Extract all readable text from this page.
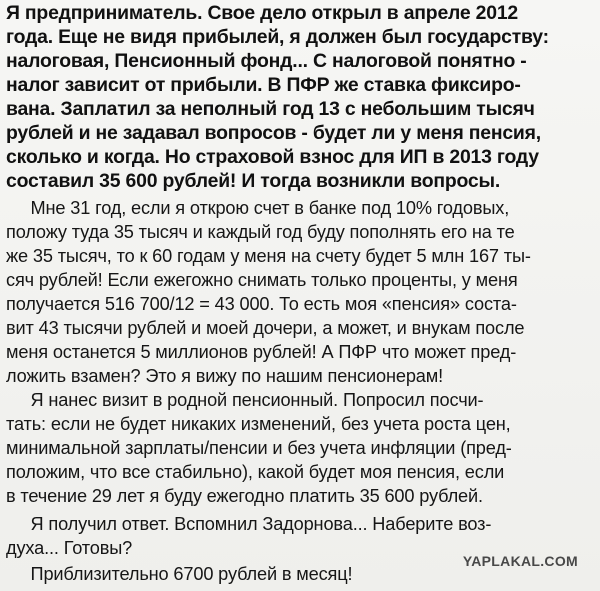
Я предприниматель. Свое дело открыл в апреле 2012
года. Еще не видя прибылей, я должен был государству:
налоговая, Пенсионный фонд... С налоговой понятно -
налог зависит от прибыли. В ПФР же ставка фиксиро-
вана. Заплатил за неполный год 13 с небольшим тысяч
рублей и не задавал вопросов - будет ли у меня пенсия,
сколько и когда. Но страховой взнос для ИП в 2013 году
составил 35 600 рублей! И тогда возникли вопросы.
Мне 31 год, если я открою счет в банке под 10% годовых,
положу туда 35 тысяч и каждый год буду пополнять его на те
же 35 тысяч, то к 60 годам у меня на счету будет 5 млн 167 ты-
сяч рублей! Если ежегожно снимать только проценты, у меня
получается 516 700/12 = 43 000. То есть моя «пенсия» соста-
вит 43 тысячи рублей и моей дочери, а может, и внукам после
меня останется 5 миллионов рублей! А ПФР что может пред-
ложить взамен? Это я вижу по нашим пенсионерам!
Я нанес визит в родной пенсионный. Попросил посчи-
тать: если не будет никаких изменений, без учета роста цен,
минимальной зарплаты/пенсии и без учета инфляции (пред-
положим, что все стабильно), какой будет моя пенсия, если
в течение 29 лет я буду ежегодно платить 35 600 рублей.
Я получил ответ. Вспомнил Задорнова... Наберите воз-
духа... Готовы?
Приблизительно 6700 рублей в месяц!
YAPLAKAL.COM
